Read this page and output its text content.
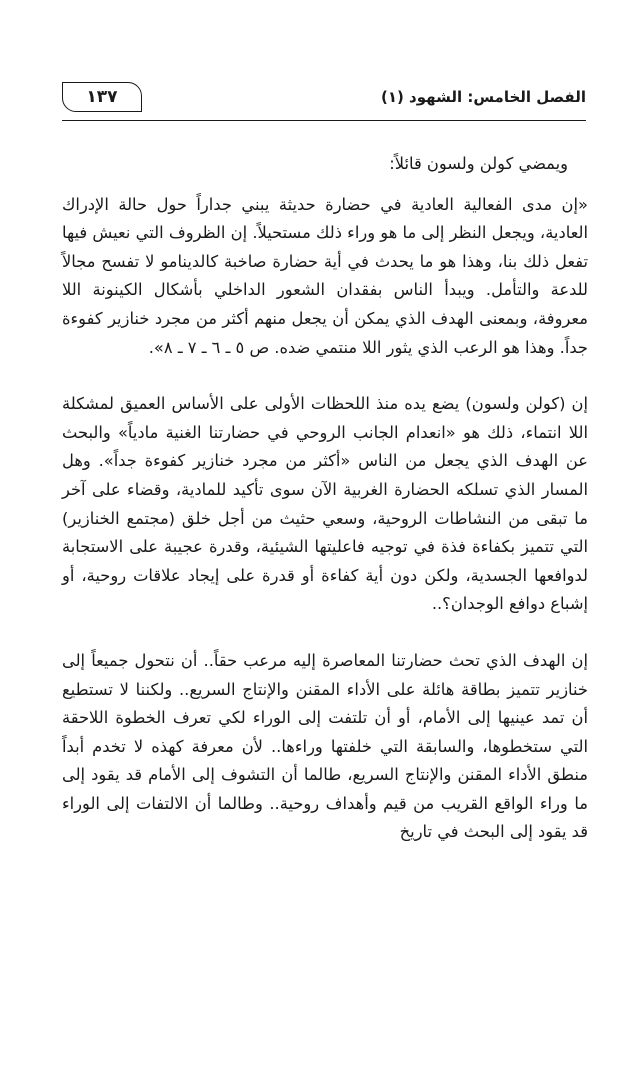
١٣٧	الفصل الخامس: الشهود (١)

ويمضي كولن ولسون قائلاً:

«إن مدى الفعالية العادية في حضارة حديثة يبني جداراً حول حالة الإدراك العادية، ويجعل النظر إلى ما هو وراء ذلك مستحيلاً. إن الظروف التي نعيش فيها تفعل ذلك بنا، وهذا هو ما يحدث في أية حضارة صاخبة كالدينامو لا تفسح مجالاً للدعة والتأمل. ويبدأ الناس بفقدان الشعور الداخلي بأشكال الكينونة اللا معروفة، وبمعنى الهدف الذي يمكن أن يجعل منهم أكثر من مجرد خنازير كفوءة جداً. وهذا هو الرعب الذي يثور اللا منتمي ضده. ص ٥ ـ ٦ ـ ٧ ـ ٨».

إن (كولن ولسون) يضع يده منذ اللحظات الأولى على الأساس العميق لمشكلة اللا انتماء، ذلك هو «انعدام الجانب الروحي في حضارتنا الغنية مادياً» والبحث عن الهدف الذي يجعل من الناس «أكثر من مجرد خنازير كفوءة جداً». وهل المسار الذي تسلكه الحضارة الغربية الآن سوى تأكيد للمادية، وقضاء على آخر ما تبقى من النشاطات الروحية، وسعي حثيث من أجل خلق (مجتمع الخنازير) التي تتميز بكفاءة فذة في توجيه فاعليتها الشيئية، وقدرة عجيبة على الاستجابة لدوافعها الجسدية، ولكن دون أية كفاءة أو قدرة على إيجاد علاقات روحية، أو إشباع دوافع الوجدان؟..

إن الهدف الذي تحث حضارتنا المعاصرة إليه مرعب حقاً.. أن نتحول جميعاً إلى خنازير تتميز بطاقة هائلة على الأداء المقنن والإنتاج السريع.. ولكننا لا تستطيع أن تمد عينيها إلى الأمام، أو أن تلتفت إلى الوراء لكي تعرف الخطوة اللاحقة التي ستخطوها، والسابقة التي خلفتها وراءها.. لأن معرفة كهذه لا تخدم أبداً منطق الأداء المقنن والإنتاج السريع، طالما أن التشوف إلى الأمام قد يقود إلى ما وراء الواقع القريب من قيم وأهداف روحية.. وطالما أن الالتفات إلى الوراء قد يقود إلى البحث في تاريخ
